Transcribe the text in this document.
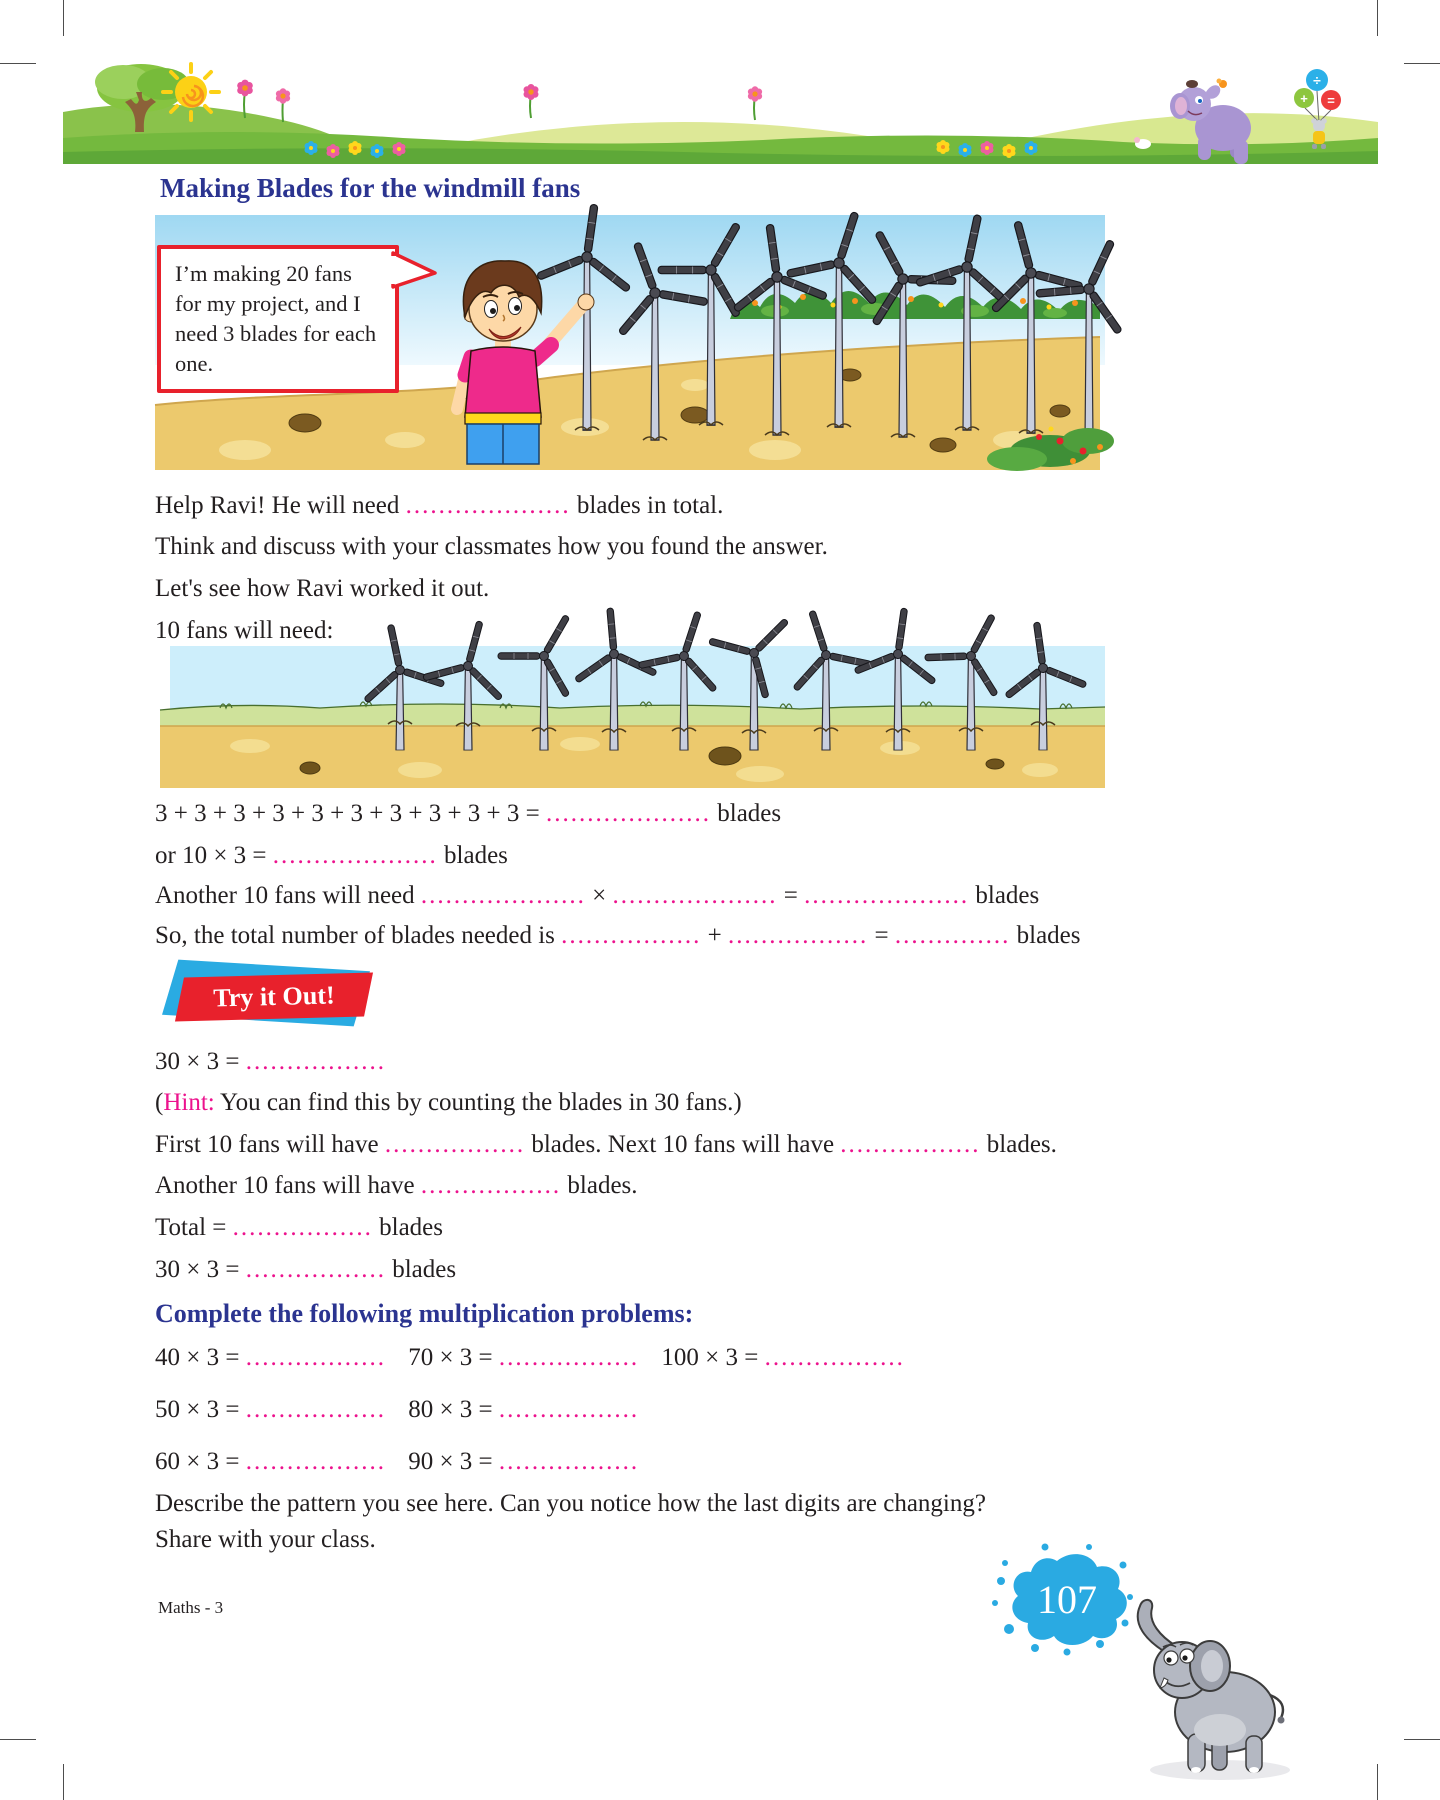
÷
+ =
Making Blades for the windmill fans
I’m making 20 fans for my project, and I need 3 blades for each one.
Help Ravi! He will need .................... blades in total.
Think and discuss with your classmates how you found the answer.
Let's see how Ravi worked it out.
10 fans will need:
3 + 3 + 3 + 3 + 3 + 3 + 3 + 3 + 3 + 3 = .................... blades
or 10 × 3 = .................... blades
Another 10 fans will need .................... × .................... = .................... blades
So, the total number of blades needed is ................. + ................. = .............. blades
Try it Out!
30 × 3 = .................
(Hint: You can find this by counting the blades in 30 fans.)
First 10 fans will have ................. blades. Next 10 fans will have ................. blades.
Another 10 fans will have ................. blades.
Total = ................. blades
30 × 3 = ................. blades
Complete the following multiplication problems:
40 × 3 = ................. 70 × 3 = ................. 100 × 3 = .................
50 × 3 = ................. 80 × 3 = .................
60 × 3 = ................. 90 × 3 = .................
Describe the pattern you see here. Can you notice how the last digits are changing?
Share with your class.
Maths - 3	107
